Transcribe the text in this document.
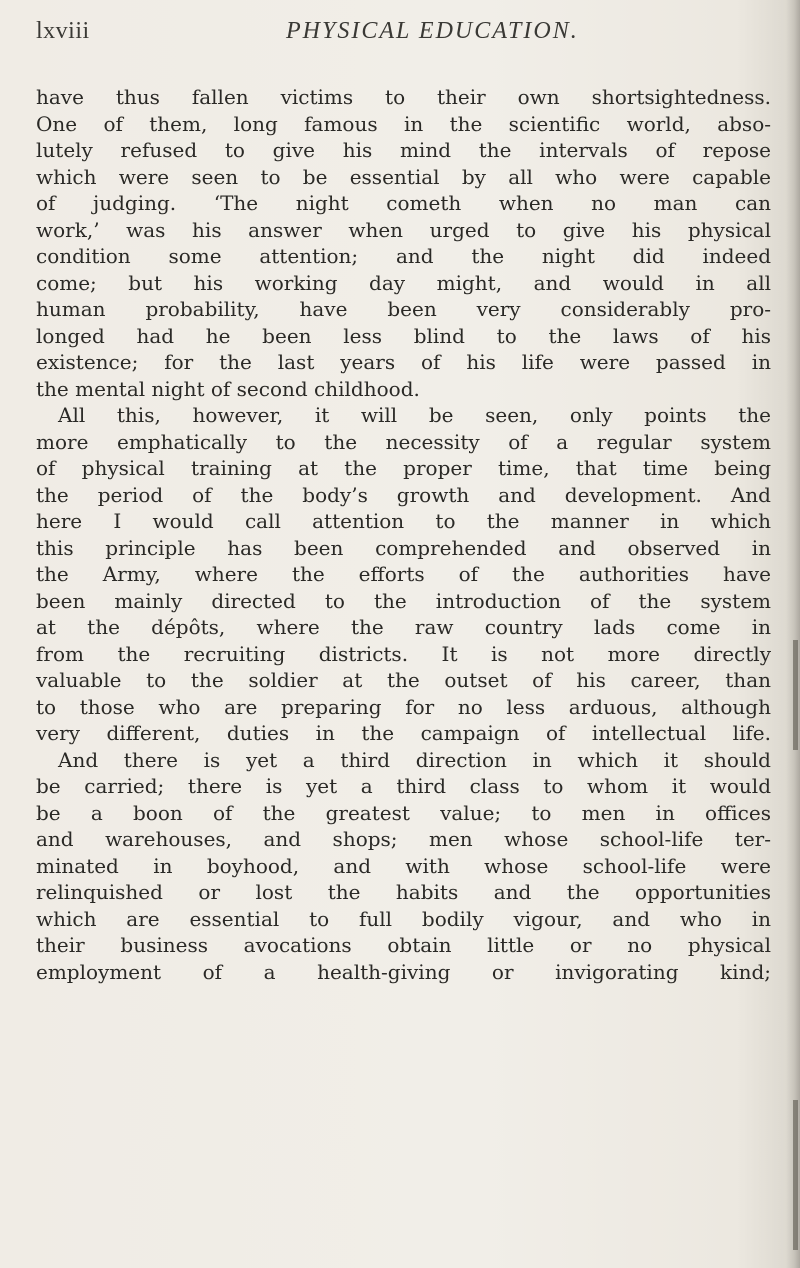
lxviii	PHYSICAL EDUCATION.
have thus fallen victims to their own shortsightedness.
One of them, long famous in the scientific world, abso-
lutely refused to give his mind the intervals of repose
which were seen to be essential by all who were capable
of judging. ‘The night cometh when no man can
work,’ was his answer when urged to give his physical
condition some attention; and the night did indeed
come; but his working day might, and would in all
human probability, have been very considerably pro-
longed had he been less blind to the laws of his
existence; for the last years of his life were passed in
the mental night of second childhood.
All this, however, it will be seen, only points the
more emphatically to the necessity of a regular system
of physical training at the proper time, that time being
the period of the body’s growth and development. And
here I would call attention to the manner in which
this principle has been comprehended and observed in
the Army, where the efforts of the authorities have
been mainly directed to the introduction of the system
at the dépôts, where the raw country lads come in
from the recruiting districts. It is not more directly
valuable to the soldier at the outset of his career, than
to those who are preparing for no less arduous, although
very different, duties in the campaign of intellectual life.
And there is yet a third direction in which it should
be carried; there is yet a third class to whom it would
be a boon of the greatest value; to men in offices
and warehouses, and shops; men whose school-life ter-
minated in boyhood, and with whose school-life were
relinquished or lost the habits and the opportunities
which are essential to full bodily vigour, and who in
their business avocations obtain little or no physical
employment of a health-giving or invigorating kind;
